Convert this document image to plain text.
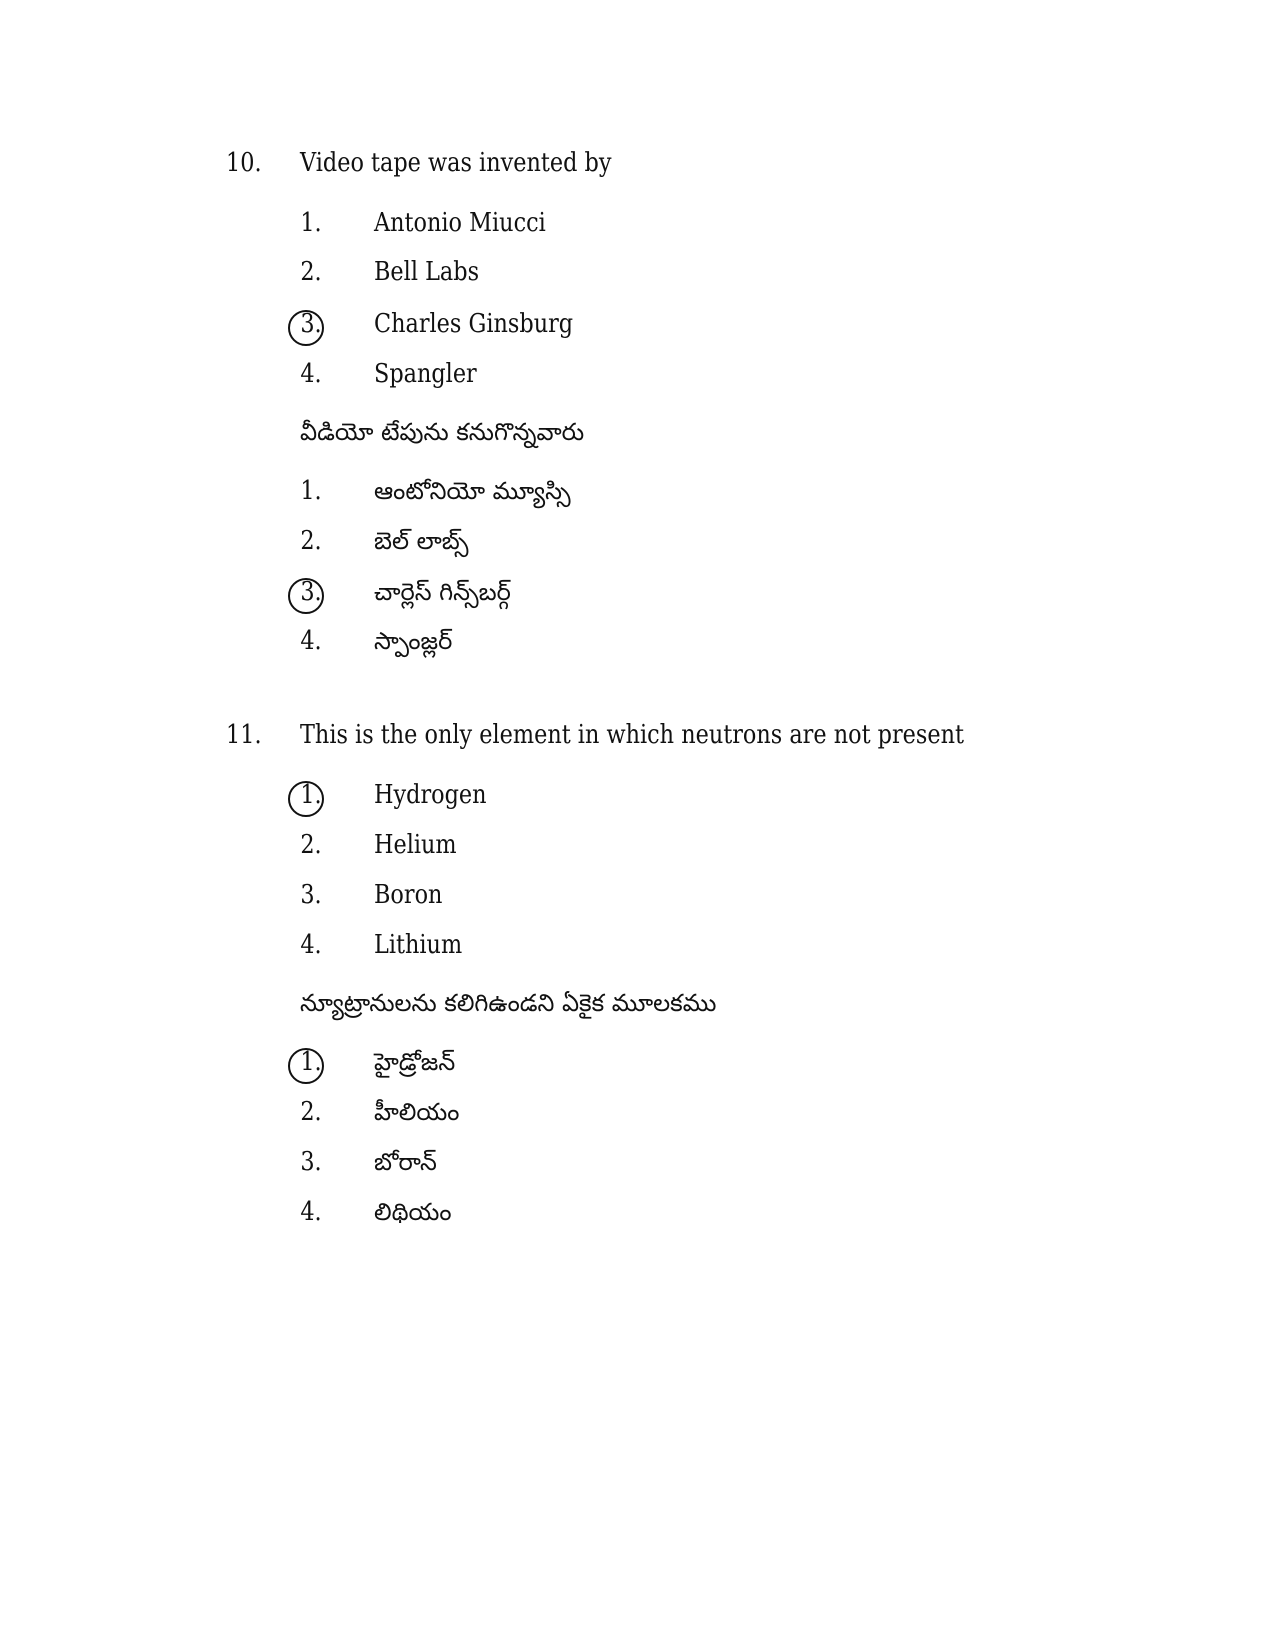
10. Video tape was invented by
1. Antonio Miucci
2. Bell Labs
3. Charles Ginsburg
4. Spangler
వీడియో టేపును కనుగొన్నవారు
1. ఆంటోనియో మ్యూస్సి
2. బెల్ లాబ్స్
3. చార్లెస్ గిన్స్‌బర్గ్
4. స్పాంజ్లర్
11. This is the only element in which neutrons are not present
1. Hydrogen
2. Helium
3. Boron
4. Lithium
న్యూట్రానులను కలిగిఉండని ఏకైక మూలకము
1. హైడ్రోజన్
2. హీలియం
3. బోరాన్
4. లిథియం
